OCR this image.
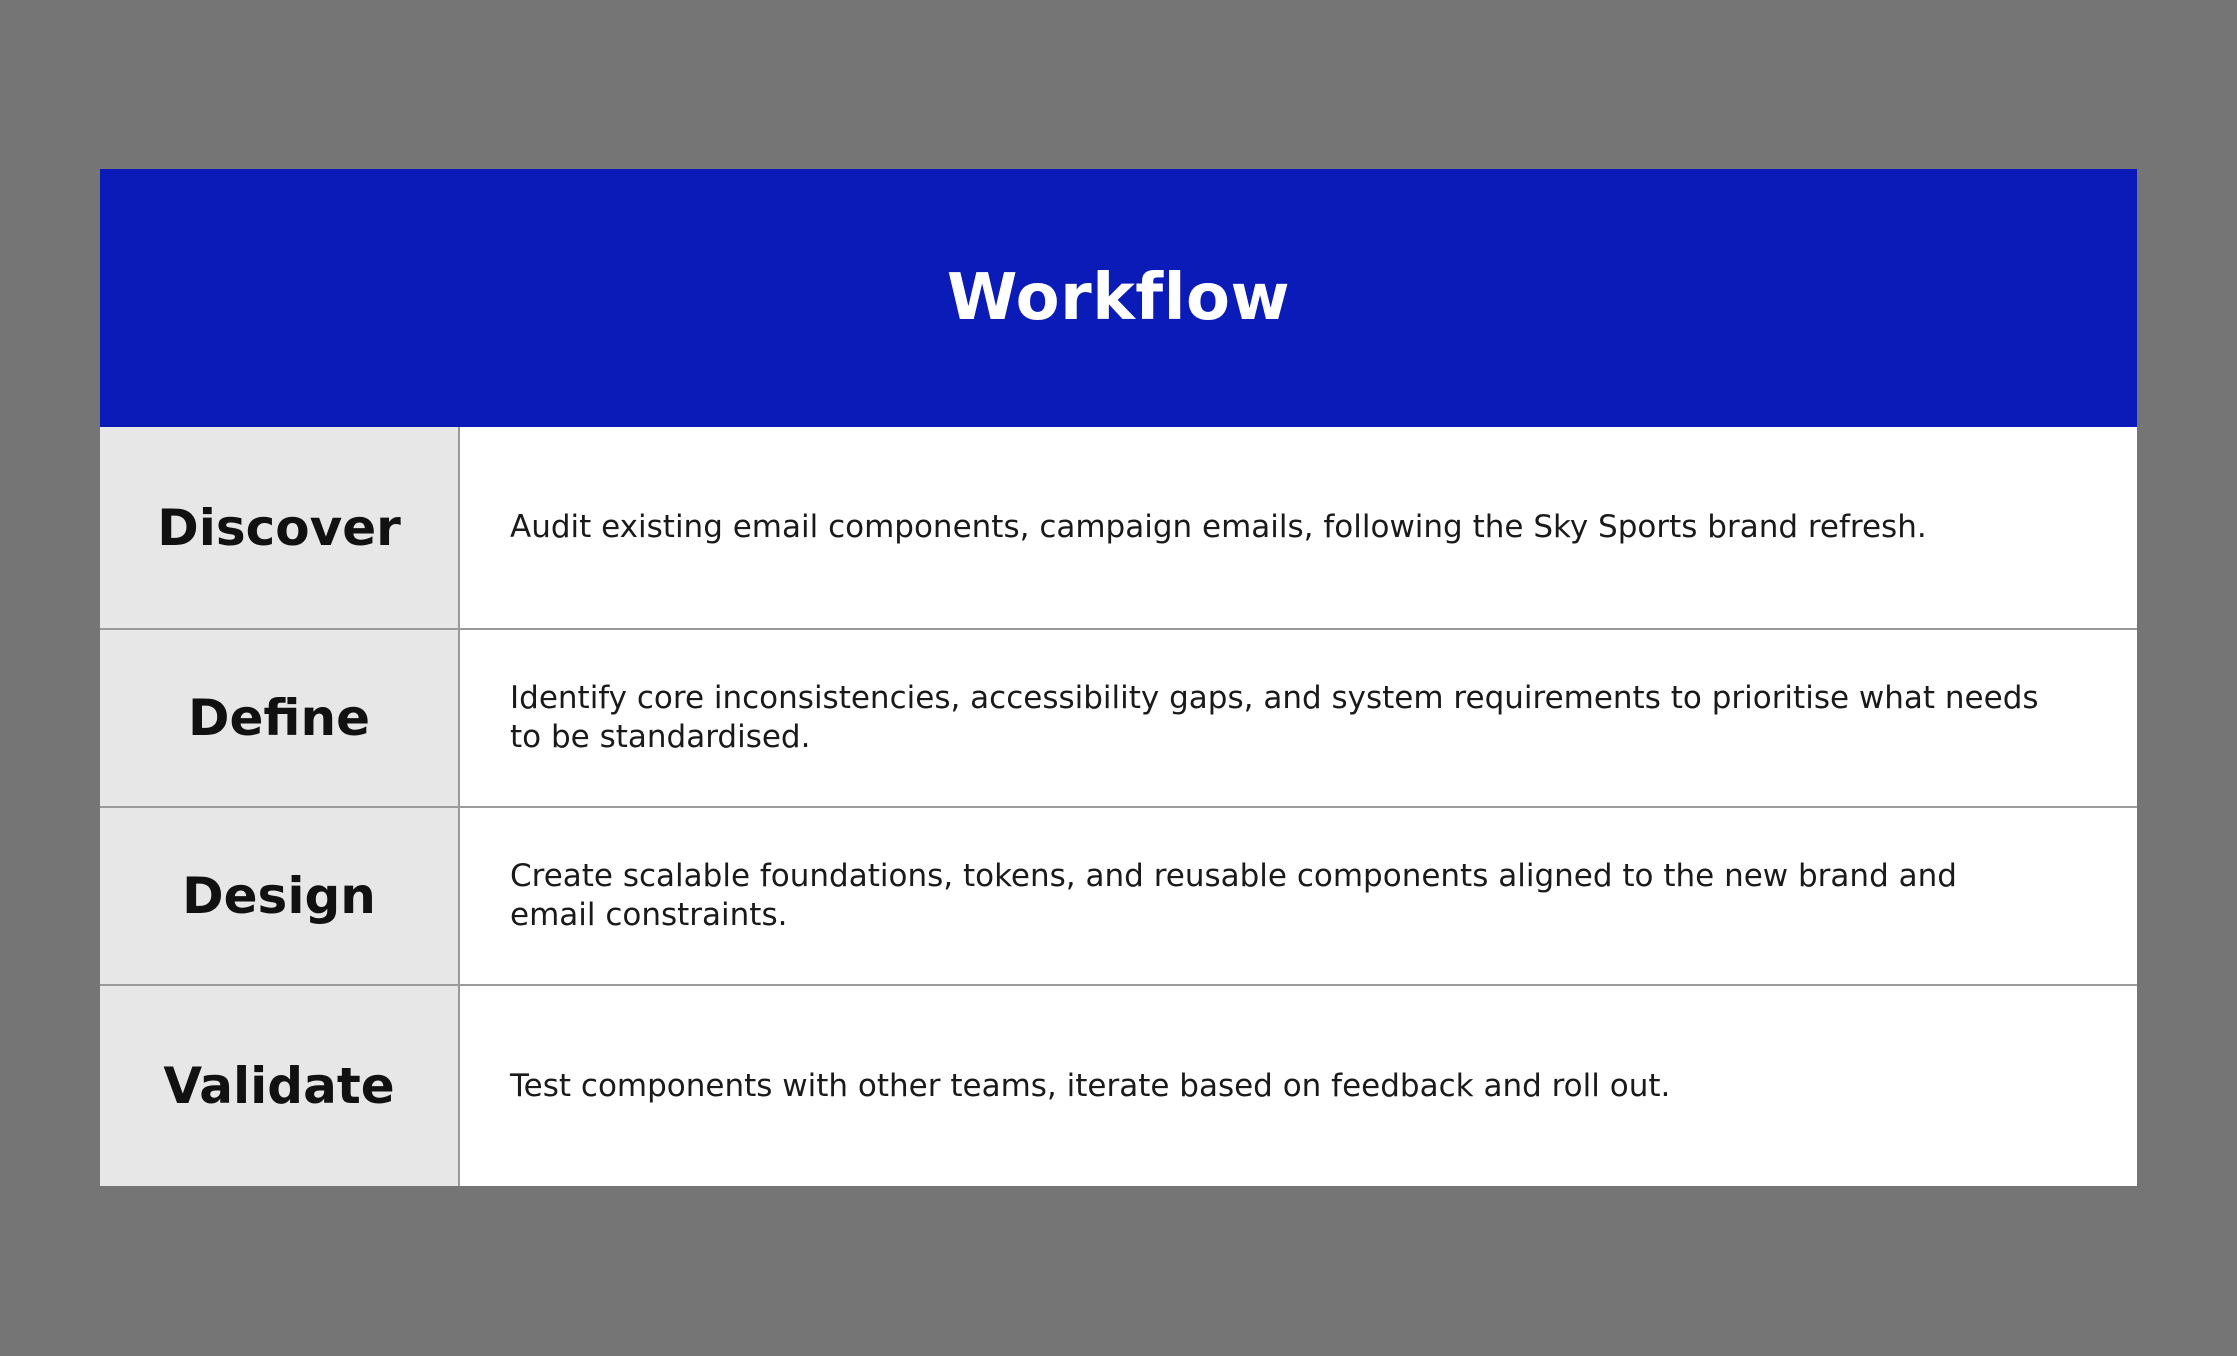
Workflow
Discover	Audit existing email components, campaign emails, following the Sky Sports brand refresh.
Define	Identify core inconsistencies, accessibility gaps, and system requirements to prioritise what needs to be standardised.
Design	Create scalable foundations, tokens, and reusable components aligned to the new brand and email constraints.
Validate	Test components with other teams, iterate based on feedback and roll out.
